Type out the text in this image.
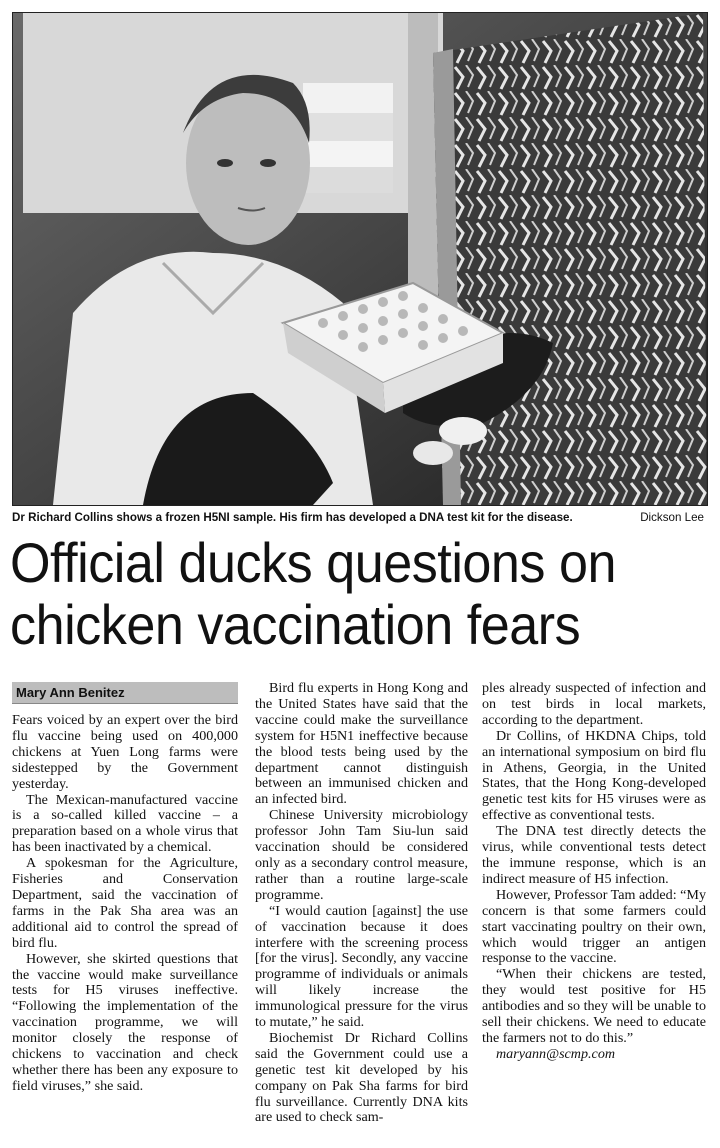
Dr Richard Collins shows a frozen H5NI sample. His firm has developed a DNA test kit for the disease.	Dickson Lee
Official ducks questions on
chicken vaccination fears
Mary Ann Benitez

Fears voiced by an expert over the bird flu vaccine being used on 400,000 chickens at Yuen Long farms were sidestepped by the Government yesterday.

The Mexican-manufactured vaccine is a so-called killed vaccine – a preparation based on a whole virus that has been inactivated by a chemical.

A spokesman for the Agriculture, Fisheries and Conservation Department, said the vaccination of farms in the Pak Sha area was an additional aid to control the spread of bird flu.

However, she skirted questions that the vaccine would make surveillance tests for H5 viruses ineffective. “Following the implementation of the vaccination programme, we will monitor closely the response of chickens to vaccination and check whether there has been any exposure to field viruses,” she said.

Bird flu experts in Hong Kong and the United States have said that the vaccine could make the surveillance system for H5N1 ineffective because the blood tests being used by the department cannot distinguish between an immunised chicken and an infected bird.

Chinese University microbiology professor John Tam Siu-lun said vaccination should be considered only as a secondary control measure, rather than a routine large-scale programme.

“I would caution [against] the use of vaccination because it does interfere with the screening process [for the virus]. Secondly, any vaccine programme of individuals or animals will likely increase the immunological pressure for the virus to mutate,” he said.

Biochemist Dr Richard Collins said the Government could use a genetic test kit developed by his company on Pak Sha farms for bird flu surveillance. Currently DNA kits are used to check sam-

ples already suspected of infection and on test birds in local markets, according to the department.

Dr Collins, of HKDNA Chips, told an international symposium on bird flu in Athens, Georgia, in the United States, that the Hong Kong-developed genetic test kits for H5 viruses were as effective as conventional tests.

The DNA test directly detects the virus, while conventional tests detect the immune response, which is an indirect measure of H5 infection.

However, Professor Tam added: “My concern is that some farmers could start vaccinating poultry on their own, which would trigger an antigen response to the vaccine.

“When their chickens are tested, they would test positive for H5 antibodies and so they will be unable to sell their chickens. We need to educate the farmers not to do this.”

maryann@scmp.com
